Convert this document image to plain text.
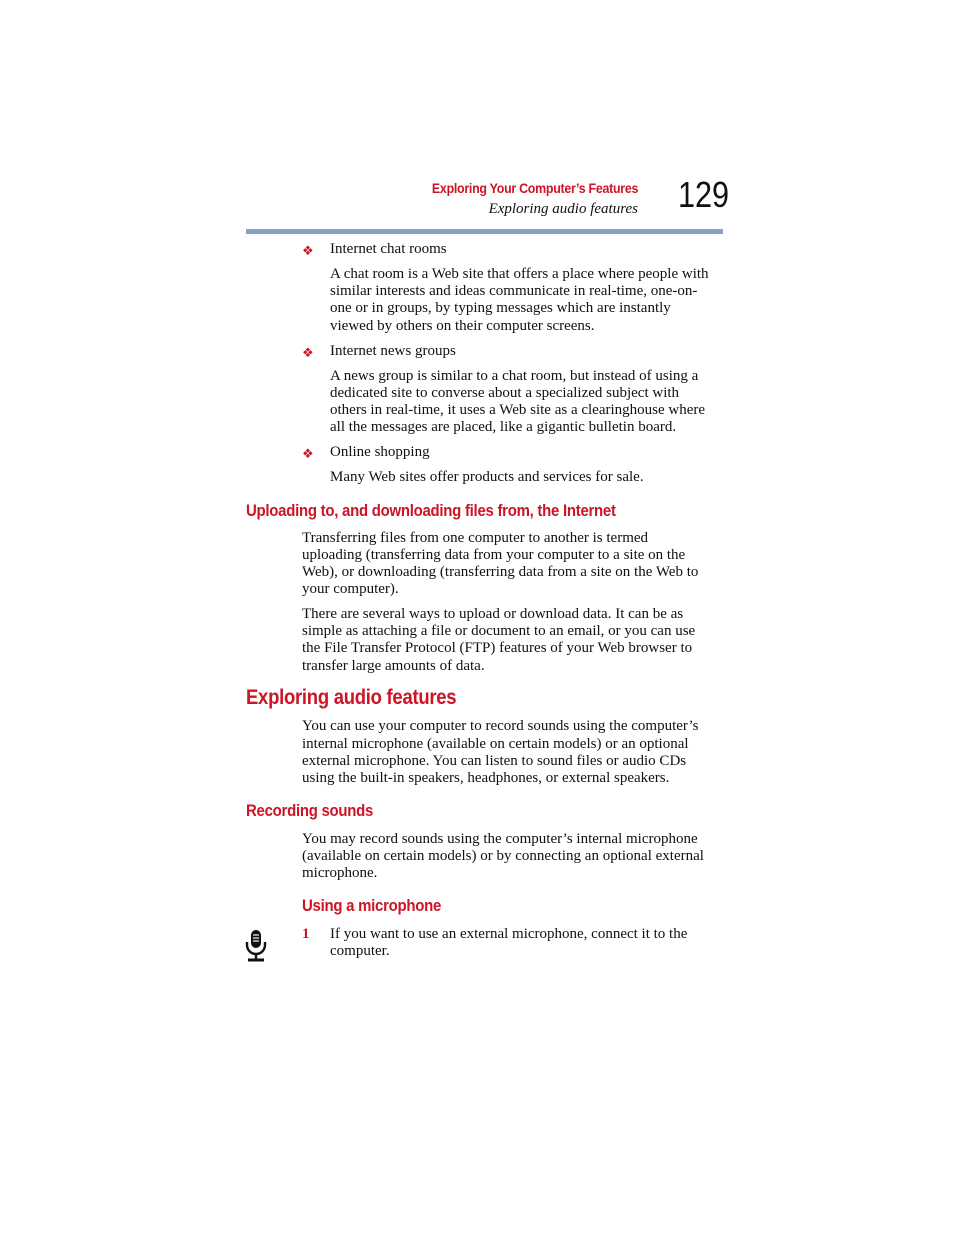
Exploring Your Computer’s Features
Exploring audio features 129
❖ Internet chat rooms
A chat room is a Web site that offers a place where people with
similar interests and ideas communicate in real-time, one-on-
one or in groups, by typing messages which are instantly
viewed by others on their computer screens.
❖ Internet news groups
A news group is similar to a chat room, but instead of using a
dedicated site to converse about a specialized subject with
others in real-time, it uses a Web site as a clearinghouse where
all the messages are placed, like a gigantic bulletin board.
❖ Online shopping
Many Web sites offer products and services for sale.
Uploading to, and downloading files from, the Internet
Transferring files from one computer to another is termed
uploading (transferring data from your computer to a site on the
Web), or downloading (transferring data from a site on the Web to
your computer).
There are several ways to upload or download data. It can be as
simple as attaching a file or document to an email, or you can use
the File Transfer Protocol (FTP) features of your Web browser to
transfer large amounts of data.
Exploring audio features
You can use your computer to record sounds using the computer’s
internal microphone (available on certain models) or an optional
external microphone. You can listen to sound files or audio CDs
using the built-in speakers, headphones, or external speakers.
Recording sounds
You may record sounds using the computer’s internal microphone
(available on certain models) or by connecting an optional external
microphone.
Using a microphone
1 If you want to use an external microphone, connect it to the
computer.
